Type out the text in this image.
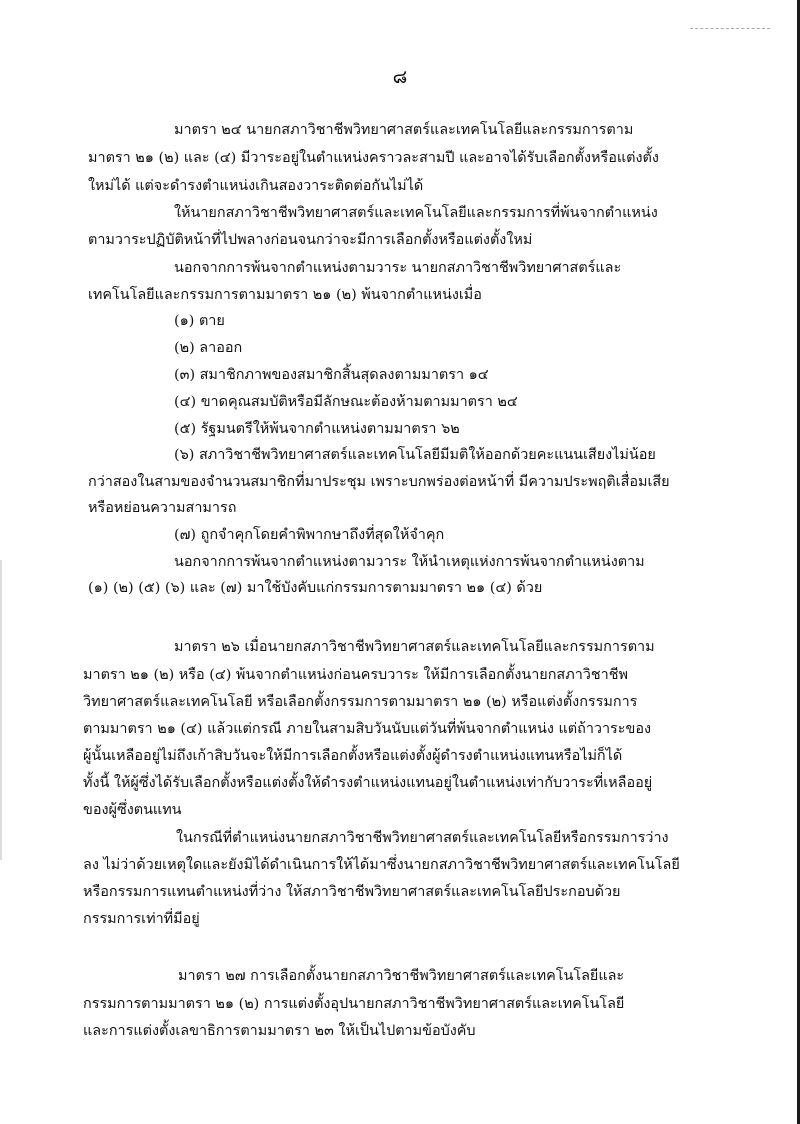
๘
มาตรา ๒๔ นายกสภาวิชาชีพวิทยาศาสตร์และเทคโนโลยีและกรรมการตาม
มาตรา ๒๑ (๒) และ (๔) มีวาระอยู่ในตำแหน่งคราวละสามปี และอาจได้รับเลือกตั้งหรือแต่งตั้ง
ใหม่ได้ แต่จะดำรงตำแหน่งเกินสองวาระติดต่อกันไม่ได้
ให้นายกสภาวิชาชีพวิทยาศาสตร์และเทคโนโลยีและกรรมการที่พ้นจากตำแหน่ง
ตามวาระปฏิบัติหน้าที่ไปพลางก่อนจนกว่าจะมีการเลือกตั้งหรือแต่งตั้งใหม่
นอกจากการพ้นจากตำแหน่งตามวาระ นายกสภาวิชาชีพวิทยาศาสตร์และ
เทคโนโลยีและกรรมการตามมาตรา ๒๑ (๒) พ้นจากตำแหน่งเมื่อ
(๑) ตาย
(๒) ลาออก
(๓) สมาชิกภาพของสมาชิกสิ้นสุดลงตามมาตรา ๑๔
(๔) ขาดคุณสมบัติหรือมีลักษณะต้องห้ามตามมาตรา ๒๔
(๕) รัฐมนตรีให้พ้นจากตำแหน่งตามมาตรา ๖๒
(๖) สภาวิชาชีพวิทยาศาสตร์และเทคโนโลยีมีมติให้ออกด้วยคะแนนเสียงไม่น้อย
กว่าสองในสามของจำนวนสมาชิกที่มาประชุม เพราะบกพร่องต่อหน้าที่ มีความประพฤติเสื่อมเสีย
หรือหย่อนความสามารถ
(๗) ถูกจำคุกโดยคำพิพากษาถึงที่สุดให้จำคุก
นอกจากการพ้นจากตำแหน่งตามวาระ ให้นำเหตุแห่งการพ้นจากตำแหน่งตาม
(๑) (๒) (๕) (๖) และ (๗) มาใช้บังคับแก่กรรมการตามมาตรา ๒๑ (๔) ด้วย
มาตรา ๒๖ เมื่อนายกสภาวิชาชีพวิทยาศาสตร์และเทคโนโลยีและกรรมการตาม
มาตรา ๒๑ (๒) หรือ (๔) พ้นจากตำแหน่งก่อนครบวาระ ให้มีการเลือกตั้งนายกสภาวิชาชีพ
วิทยาศาสตร์และเทคโนโลยี หรือเลือกตั้งกรรมการตามมาตรา ๒๑ (๒) หรือแต่งตั้งกรรมการ
ตามมาตรา ๒๑ (๔) แล้วแต่กรณี ภายในสามสิบวันนับแต่วันที่พ้นจากตำแหน่ง แต่ถ้าวาระของ
ผู้นั้นเหลืออยู่ไม่ถึงเก้าสิบวันจะให้มีการเลือกตั้งหรือแต่งตั้งผู้ดำรงตำแหน่งแทนหรือไม่ก็ได้
ทั้งนี้ ให้ผู้ซึ่งได้รับเลือกตั้งหรือแต่งตั้งให้ดำรงตำแหน่งแทนอยู่ในตำแหน่งเท่ากับวาระที่เหลืออยู่
ของผู้ซึ่งตนแทน
ในกรณีที่ตำแหน่งนายกสภาวิชาชีพวิทยาศาสตร์และเทคโนโลยีหรือกรรมการว่าง
ลง ไม่ว่าด้วยเหตุใดและยังมิได้ดำเนินการให้ได้มาซึ่งนายกสภาวิชาชีพวิทยาศาสตร์และเทคโนโลยี
หรือกรรมการแทนตำแหน่งที่ว่าง ให้สภาวิชาชีพวิทยาศาสตร์และเทคโนโลยีประกอบด้วย
กรรมการเท่าที่มีอยู่
มาตรา ๒๗ การเลือกตั้งนายกสภาวิชาชีพวิทยาศาสตร์และเทคโนโลยีและ
กรรมการตามมาตรา ๒๑ (๒) การแต่งตั้งอุปนายกสภาวิชาชีพวิทยาศาสตร์และเทคโนโลยี
และการแต่งตั้งเลขาธิการตามมาตรา ๒๓ ให้เป็นไปตามข้อบังคับ
